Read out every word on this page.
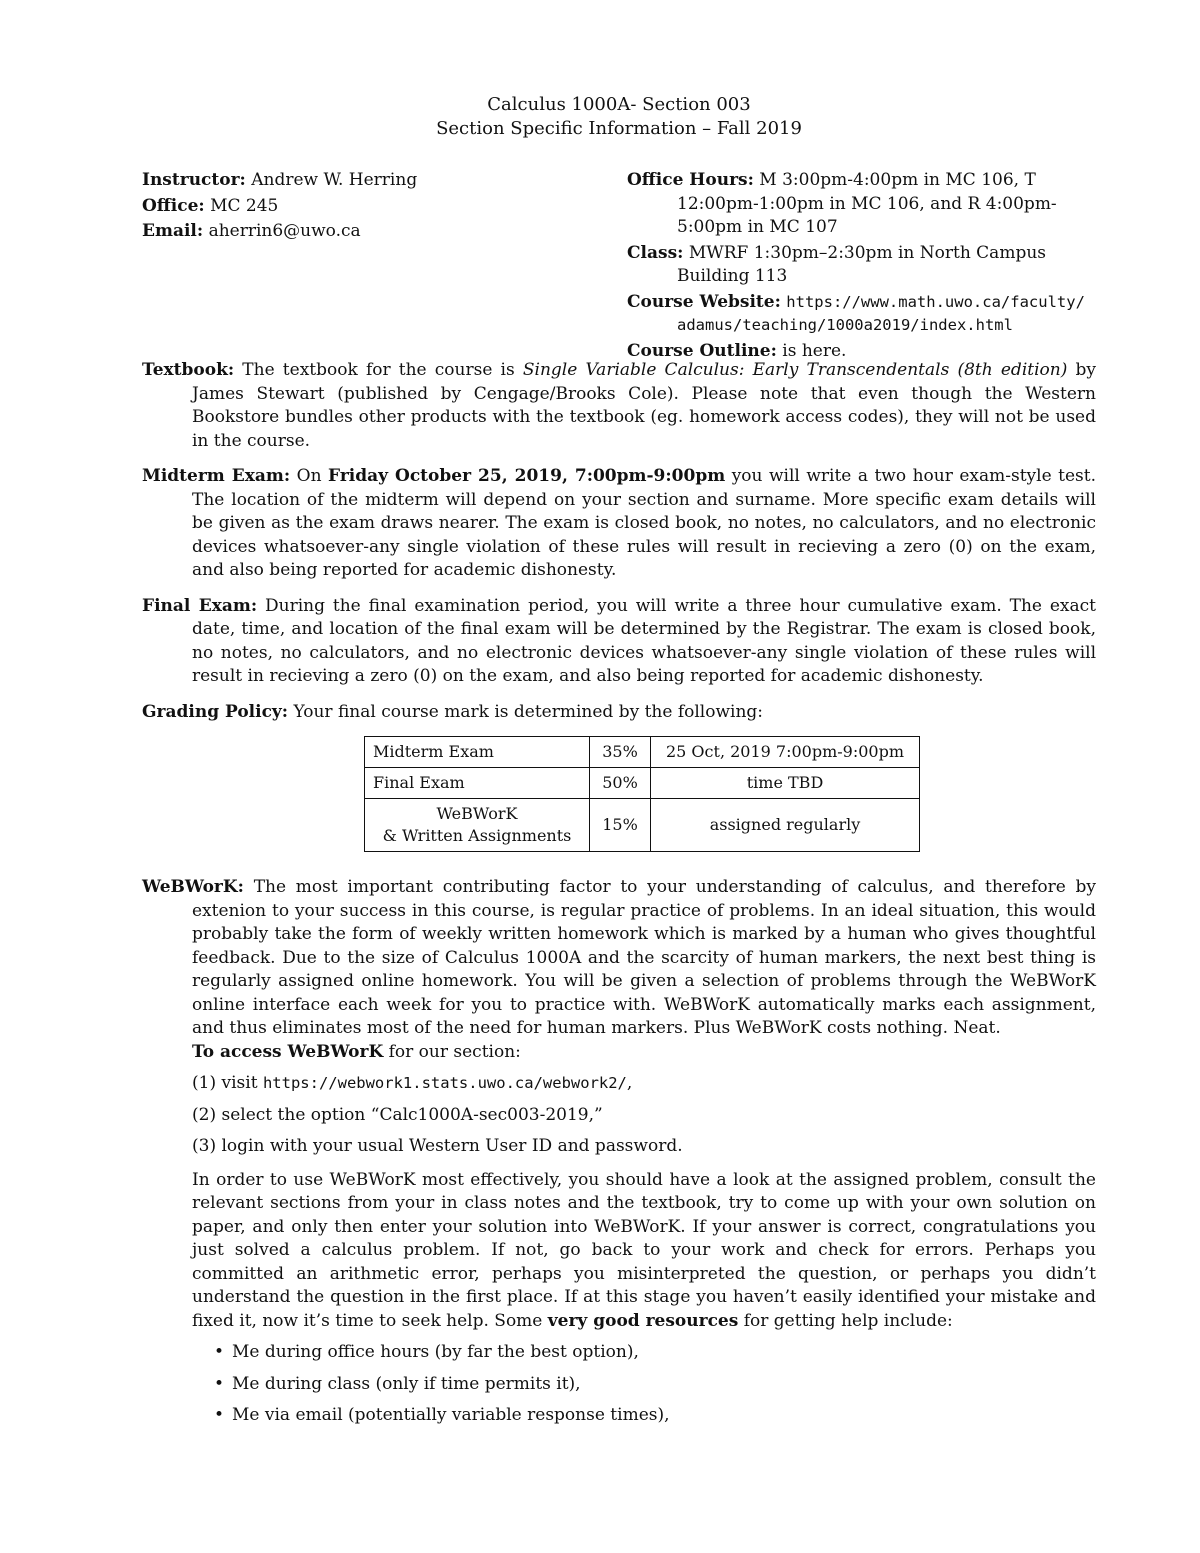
Calculus 1000A- Section 003
Section Specific Information – Fall 2019
Instructor: Andrew W. Herring
Office: MC 245
Email: aherrin6@uwo.ca
Office Hours: M 3:00pm-4:00pm in MC 106, T 12:00pm-1:00pm in MC 106, and R 4:00pm-5:00pm in MC 107
Class: MWRF 1:30pm–2:30pm in North Campus Building 113
Course Website: https://www.math.uwo.ca/faculty/
adamus/teaching/1000a2019/index.html
Course Outline: is here.
Textbook: The textbook for the course is Single Variable Calculus: Early Transcendentals (8th edition) by James Stewart (published by Cengage/Brooks Cole). Please note that even though the Western Bookstore bundles other products with the textbook (eg. homework access codes), they will not be used in the course.
Midterm Exam: On Friday October 25, 2019, 7:00pm-9:00pm you will write a two hour exam-style test. The location of the midterm will depend on your section and surname. More specific exam details will be given as the exam draws nearer. The exam is closed book, no notes, no calculators, and no electronic devices whatsoever-any single violation of these rules will result in recieving a zero (0) on the exam, and also being reported for academic dishonesty.
Final Exam: During the final examination period, you will write a three hour cumulative exam. The exact date, time, and location of the final exam will be determined by the Registrar. The exam is closed book, no notes, no calculators, and no electronic devices whatsoever-any single violation of these rules will result in recieving a zero (0) on the exam, and also being reported for academic dishonesty.
Grading Policy: Your final course mark is determined by the following:
Midterm Exam	35%	25 Oct, 2019 7:00pm-9:00pm
Final Exam	50%	time TBD

WeBWorK
& Written Assignments	15%	assigned regularly
WeBWorK: The most important contributing factor to your understanding of calculus, and therefore by extenion to your success in this course, is regular practice of problems. In an ideal situation, this would probably take the form of weekly written homework which is marked by a human who gives thoughtful feedback. Due to the size of Calculus 1000A and the scarcity of human markers, the next best thing is regularly assigned online homework. You will be given a selection of problems through the WeBWorK online interface each week for you to practice with. WeBWorK automatically marks each assignment, and thus eliminates most of the need for human markers. Plus WeBWorK costs nothing. Neat.
To access WeBWorK for our section:
(1) visit https://webwork1.stats.uwo.ca/webwork2/,
(2) select the option “Calc1000A-sec003-2019,”
(3) login with your usual Western User ID and password.
In order to use WeBWorK most effectively, you should have a look at the assigned problem, consult the relevant sections from your in class notes and the textbook, try to come up with your own solution on paper, and only then enter your solution into WeBWorK. If your answer is correct, congratulations you just solved a calculus problem. If not, go back to your work and check for errors. Perhaps you committed an arithmetic error, perhaps you misinterpreted the question, or perhaps you didn’t understand the question in the first place. If at this stage you haven’t easily identified your mistake and fixed it, now it’s time to seek help. Some very good resources for getting help include:
• Me during office hours (by far the best option),
• Me during class (only if time permits it),
• Me via email (potentially variable response times),
